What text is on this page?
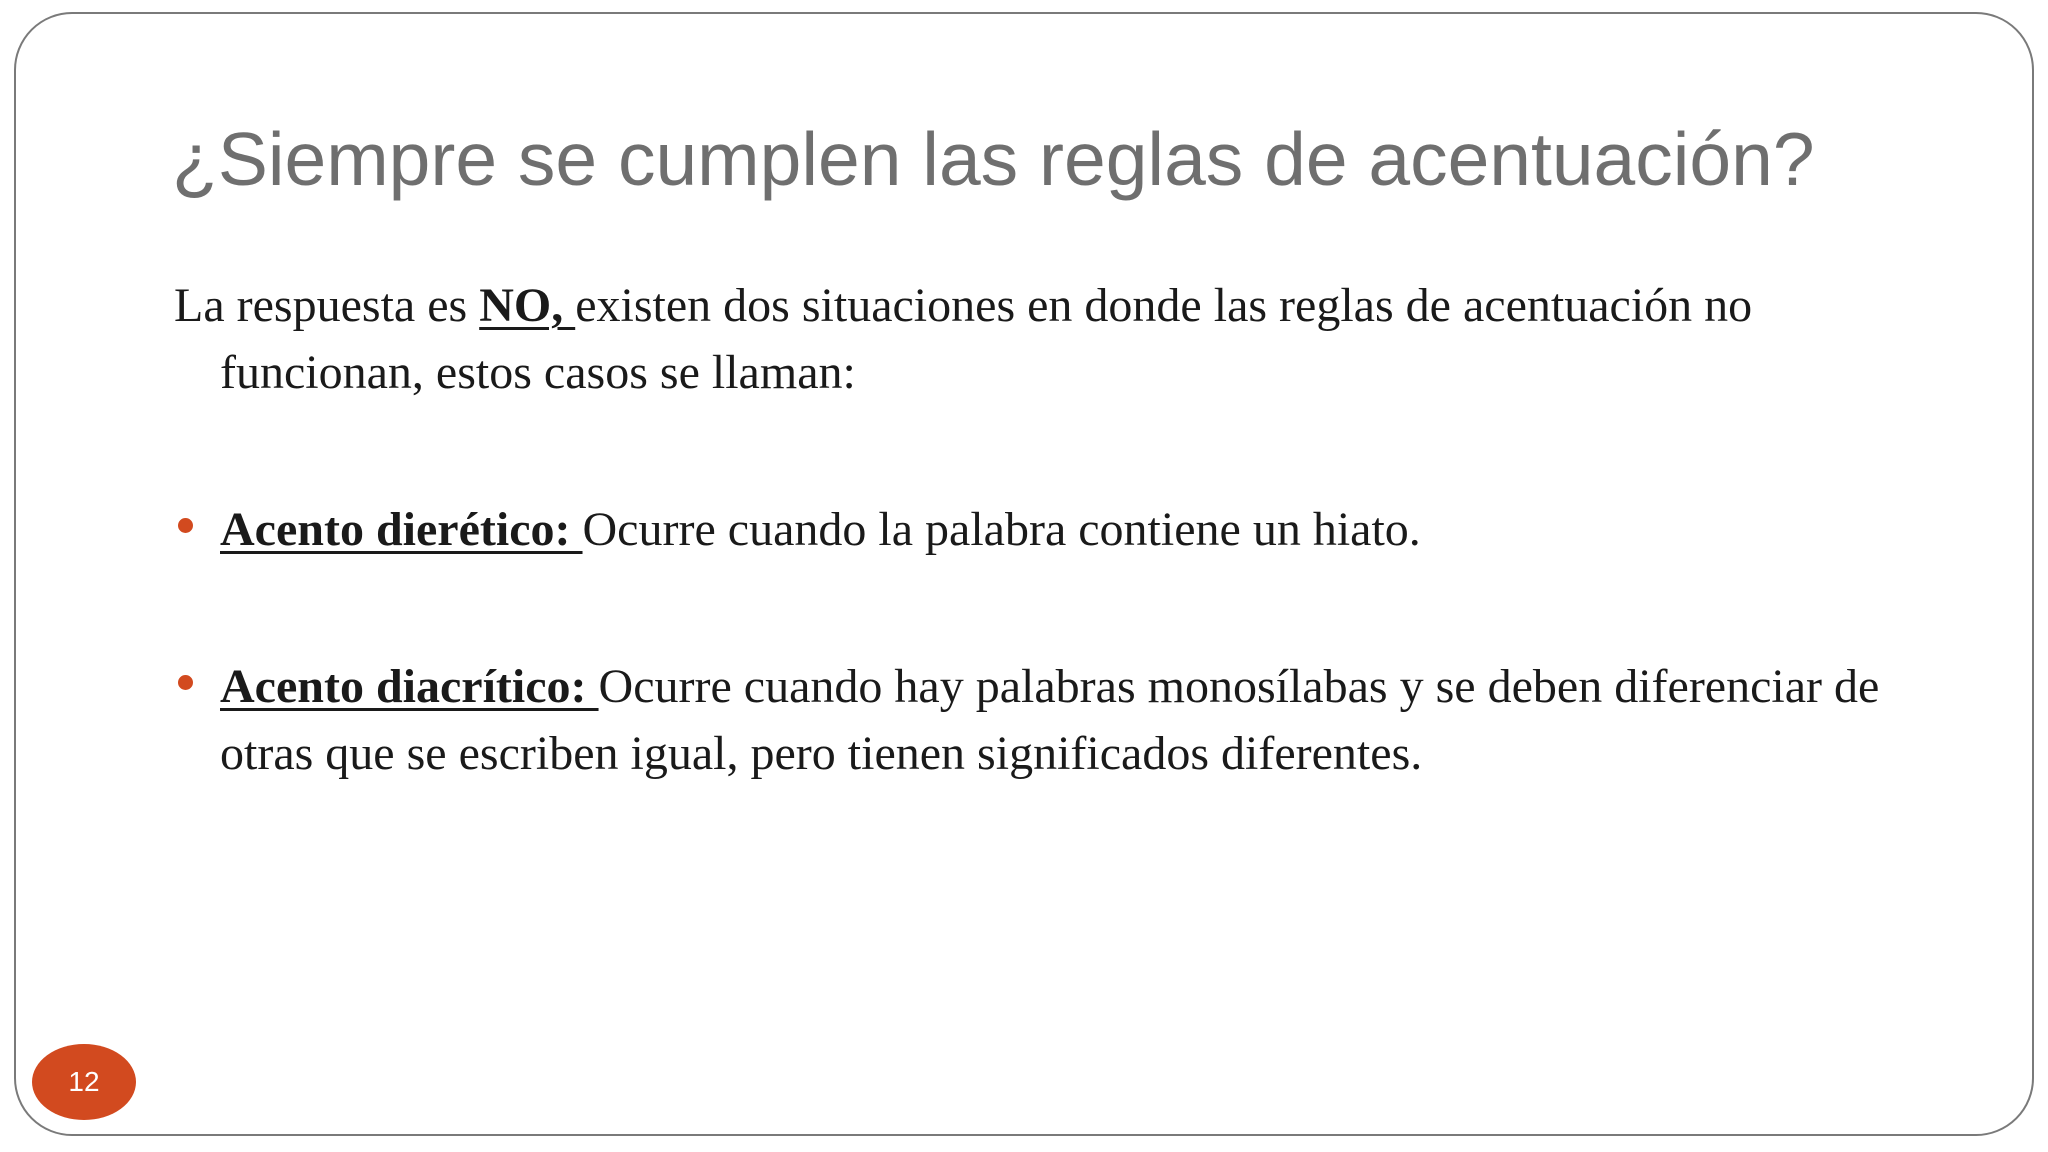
¿Siempre se cumplen las reglas de acentuación?

La respuesta es NO, existen dos situaciones en donde las reglas de acentuación no funcionan, estos casos se llaman:

Acento dierético: Ocurre cuando la palabra contiene un hiato.

Acento diacrítico: Ocurre cuando hay palabras monosílabas y se deben diferenciar de otras que se escriben igual, pero tienen significados diferentes.

12
